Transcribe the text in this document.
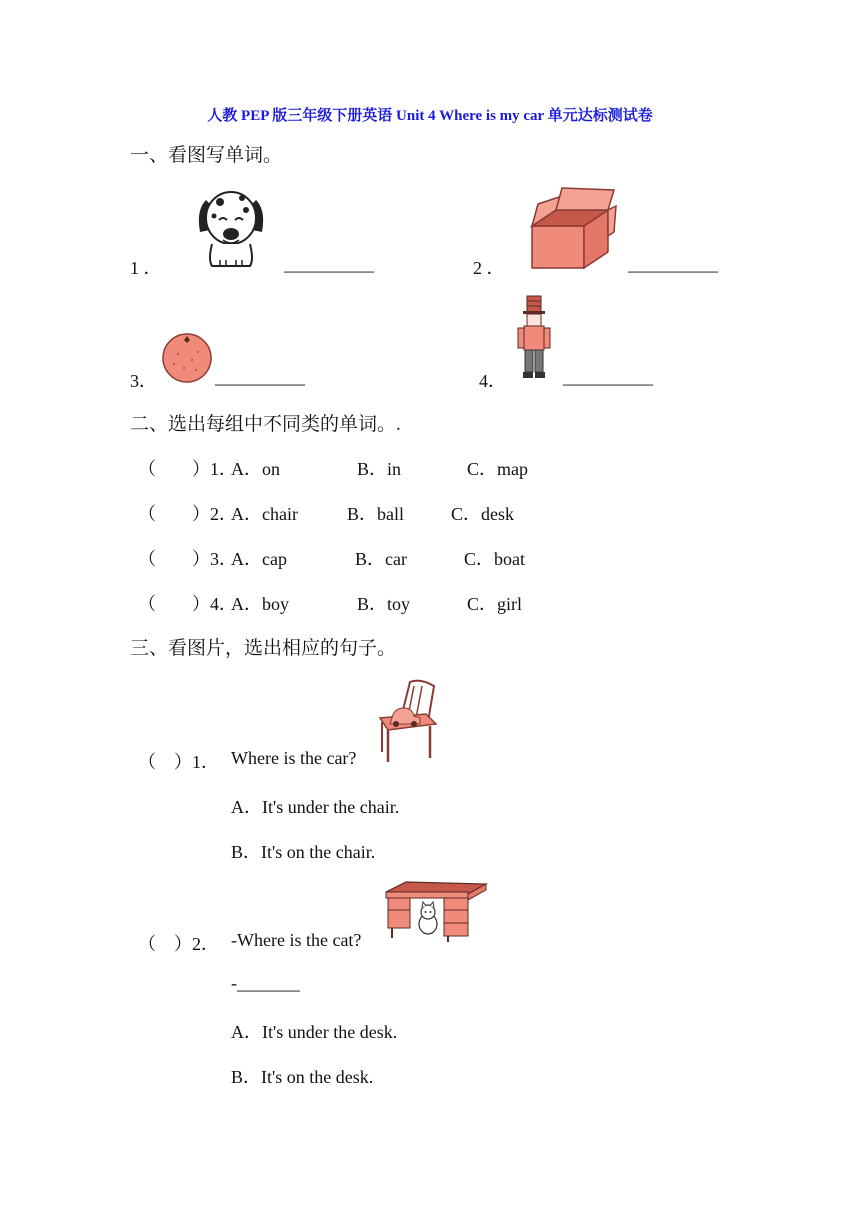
人教 PEP 版三年级下册英语 Unit 4 Where is my car 单元达标测试卷
一、看图写单词。
1 ．	__________	2 ．	__________
3．	__________	4．	__________
二、选出每组中不同类的单词。.
（　　）1．
A．on	B．in	C．map
（　　）2．
A．chair	B．ball	C．desk
（　　）3．
A．cap	B．car	C．boat
（　　）4．
A．boy	B．toy	C．girl
三、看图片，选出相应的句子。
（　）1． Where is the car?
A．It's under the chair.
B．It's on the chair.
（　）2． -Where is the cat?
-_______
A．It's under the desk.
B．It's on the desk.
